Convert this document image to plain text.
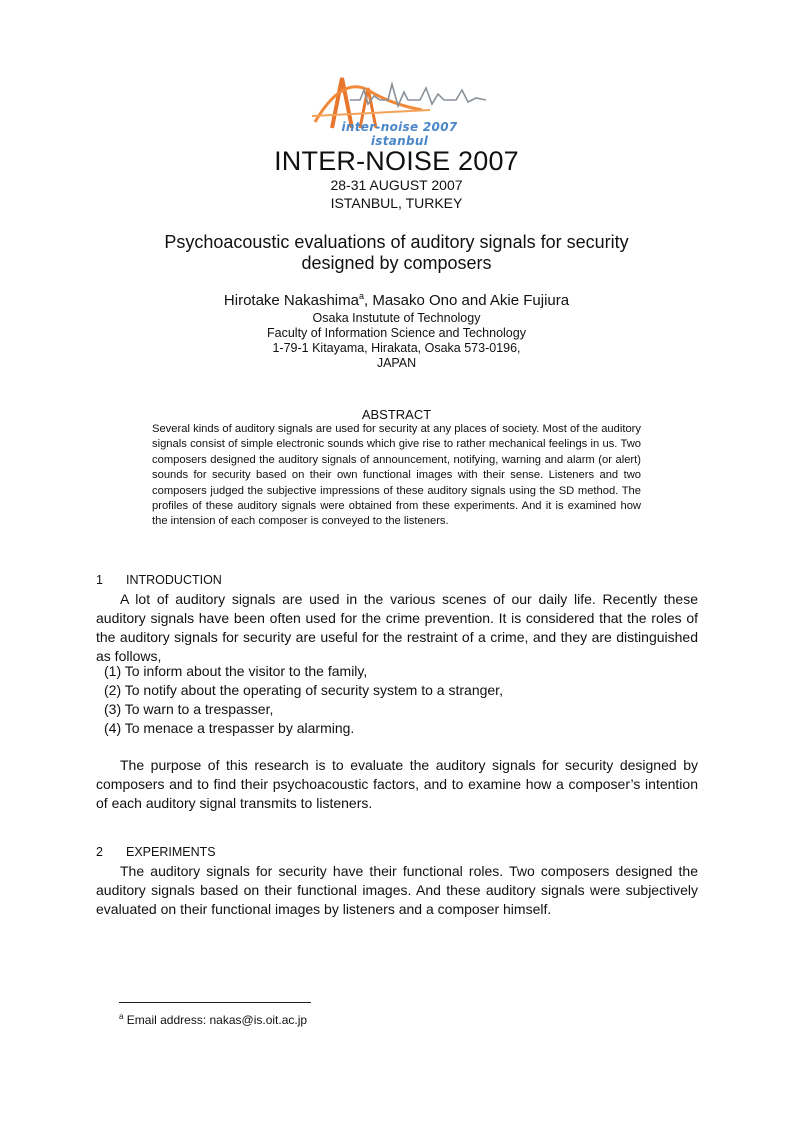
inter-noise 2007 istanbul
INTER-NOISE 2007
28-31 AUGUST 2007
ISTANBUL, TURKEY
Psychoacoustic evaluations of auditory signals for security
designed by composers
Hirotake Nakashima$^a$, Masako Ono and Akie Fujiura
Osaka Instutute of Technology
Faculty of Information Science and Technology
1-79-1 Kitayama, Hirakata, Osaka 573-0196,
JAPAN
ABSTRACT
Several kinds of auditory signals are used for security at any places of society. Most of the auditory signals consist of simple electronic sounds which give rise to rather mechanical feelings in us. Two composers designed the auditory signals of announcement, notifying, warning and alarm (or alert) sounds for security based on their own functional images with their sense. Listeners and two composers judged the subjective impressions of these auditory signals using the SD method. The profiles of these auditory signals were obtained from these experiments. And it is examined how the intension of each composer is conveyed to the listeners.
1 INTRODUCTION
A lot of auditory signals are used in the various scenes of our daily life. Recently these auditory signals have been often used for the crime prevention. It is considered that the roles of the auditory signals for security are useful for the restraint of a crime, and they are distinguished as follows,
(1) To inform about the visitor to the family,
(2) To notify about the operating of security system to a stranger,
(3) To warn to a trespasser,
(4) To menace a trespasser by alarming.
The purpose of this research is to evaluate the auditory signals for security designed by composers and to find their psychoacoustic factors, and to examine how a composer’s intention of each auditory signal transmits to listeners.
2 EXPERIMENTS
The auditory signals for security have their functional roles. Two composers designed the auditory signals based on their functional images. And these auditory signals were subjectively evaluated on their functional images by listeners and a composer himself.
$^a$ Email address: nakas@is.oit.ac.jp
